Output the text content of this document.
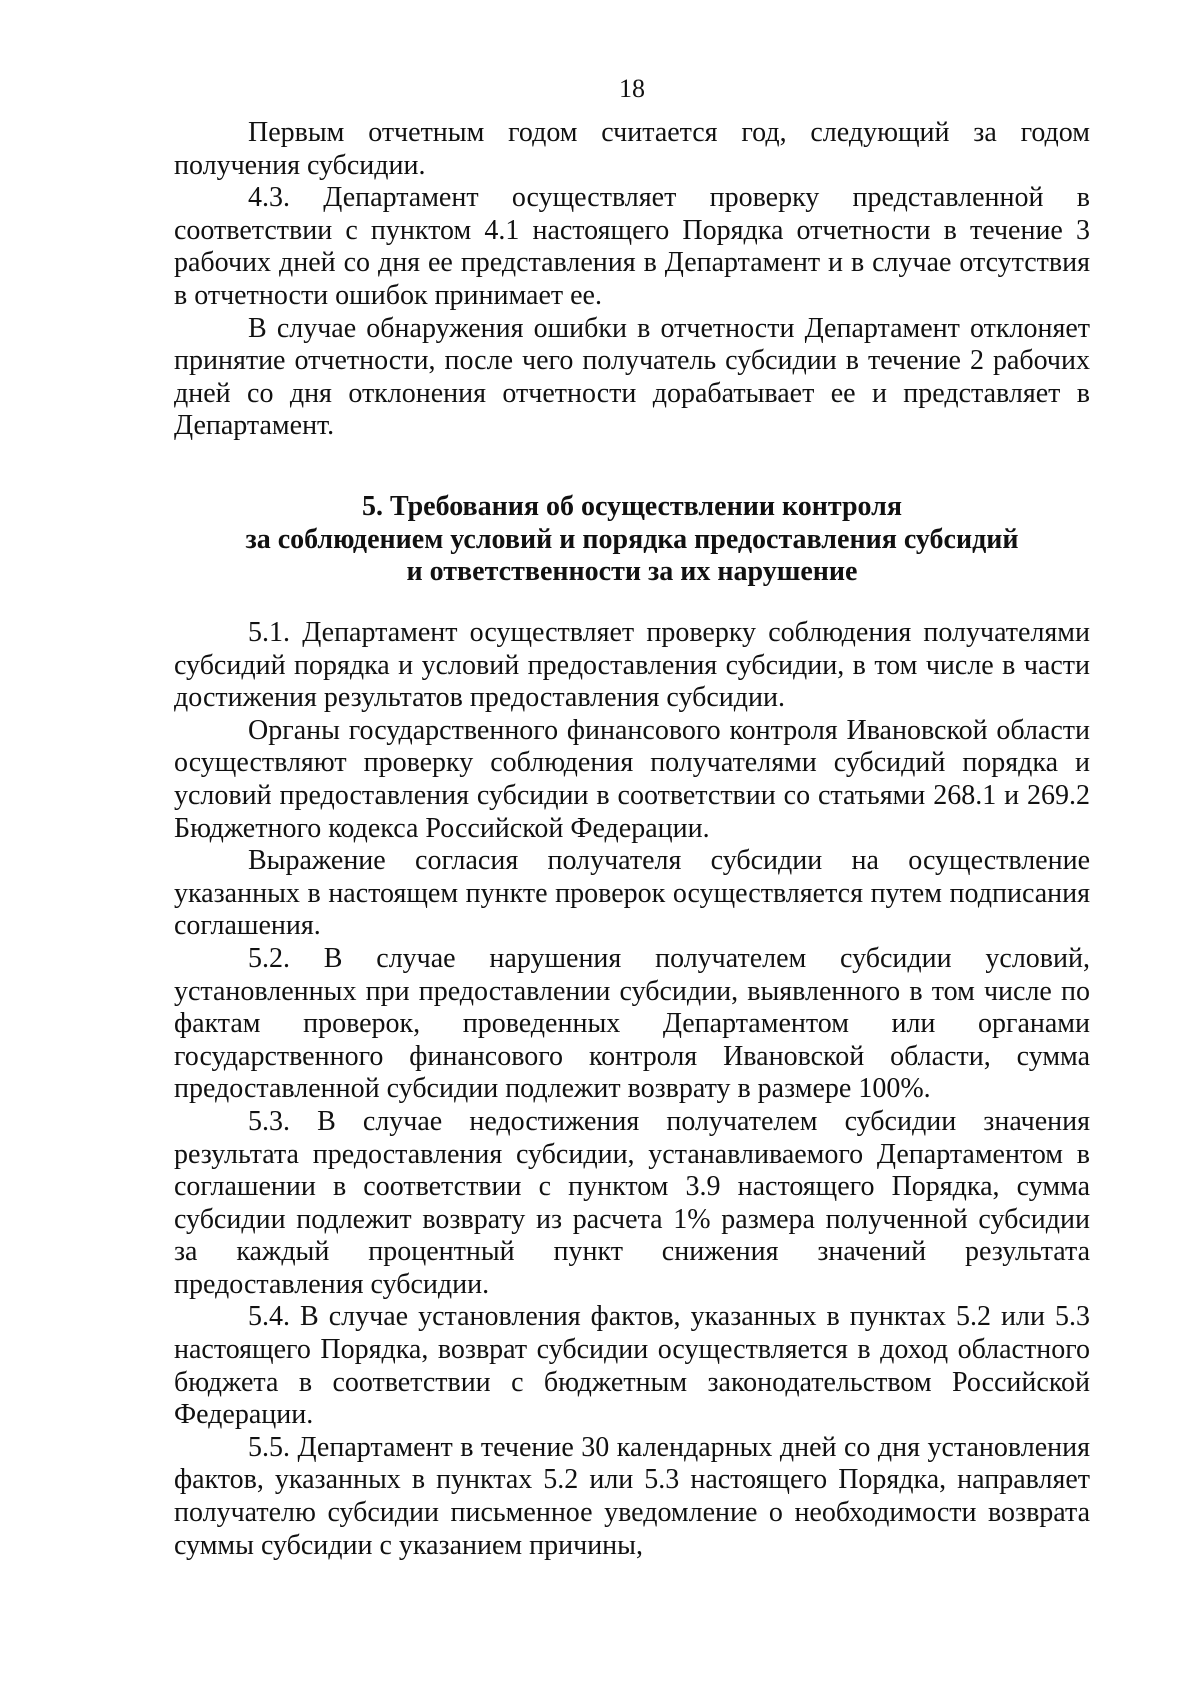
18

Первым отчетным годом считается год, следующий за годом получения субсидии.

4.3. Департамент осуществляет проверку представленной в соответствии с пунктом 4.1 настоящего Порядка отчетности в течение 3 рабочих дней со дня ее представления в Департамент и в случае отсутствия в отчетности ошибок принимает ее.

В случае обнаружения ошибки в отчетности Департамент отклоняет принятие отчетности, после чего получатель субсидии в течение 2 рабочих дней со дня отклонения отчетности дорабатывает ее и представляет в Департамент.

5. Требования об осуществлении контроля
за соблюдением условий и порядка предоставления субсидий
и ответственности за их нарушение

5.1. Департамент осуществляет проверку соблюдения получателями субсидий порядка и условий предоставления субсидии, в том числе в части достижения результатов предоставления субсидии.

Органы государственного финансового контроля Ивановской области осуществляют проверку соблюдения получателями субсидий порядка и условий предоставления субсидии в соответствии со статьями 268.1 и 269.2 Бюджетного кодекса Российской Федерации.

Выражение согласия получателя субсидии на осуществление указанных в настоящем пункте проверок осуществляется путем подписания соглашения.

5.2. В случае нарушения получателем субсидии условий, установленных при предоставлении субсидии, выявленного в том числе по фактам проверок, проведенных Департаментом или органами государственного финансового контроля Ивановской области, сумма предоставленной субсидии подлежит возврату в размере 100%.

5.3. В случае недостижения получателем субсидии значения результата предоставления субсидии, устанавливаемого Департаментом в соглашении в соответствии с пунктом 3.9 настоящего Порядка, сумма субсидии подлежит возврату из расчета 1% размера полученной субсидии за каждый процентный пункт снижения значений результата предоставления субсидии.

5.4. В случае установления фактов, указанных в пунктах 5.2 или 5.3 настоящего Порядка, возврат субсидии осуществляется в доход областного бюджета в соответствии с бюджетным законодательством Российской Федерации.

5.5. Департамент в течение 30 календарных дней со дня установления фактов, указанных в пунктах 5.2 или 5.3 настоящего Порядка, направляет получателю субсидии письменное уведомление о необходимости возврата суммы субсидии с указанием причины,
